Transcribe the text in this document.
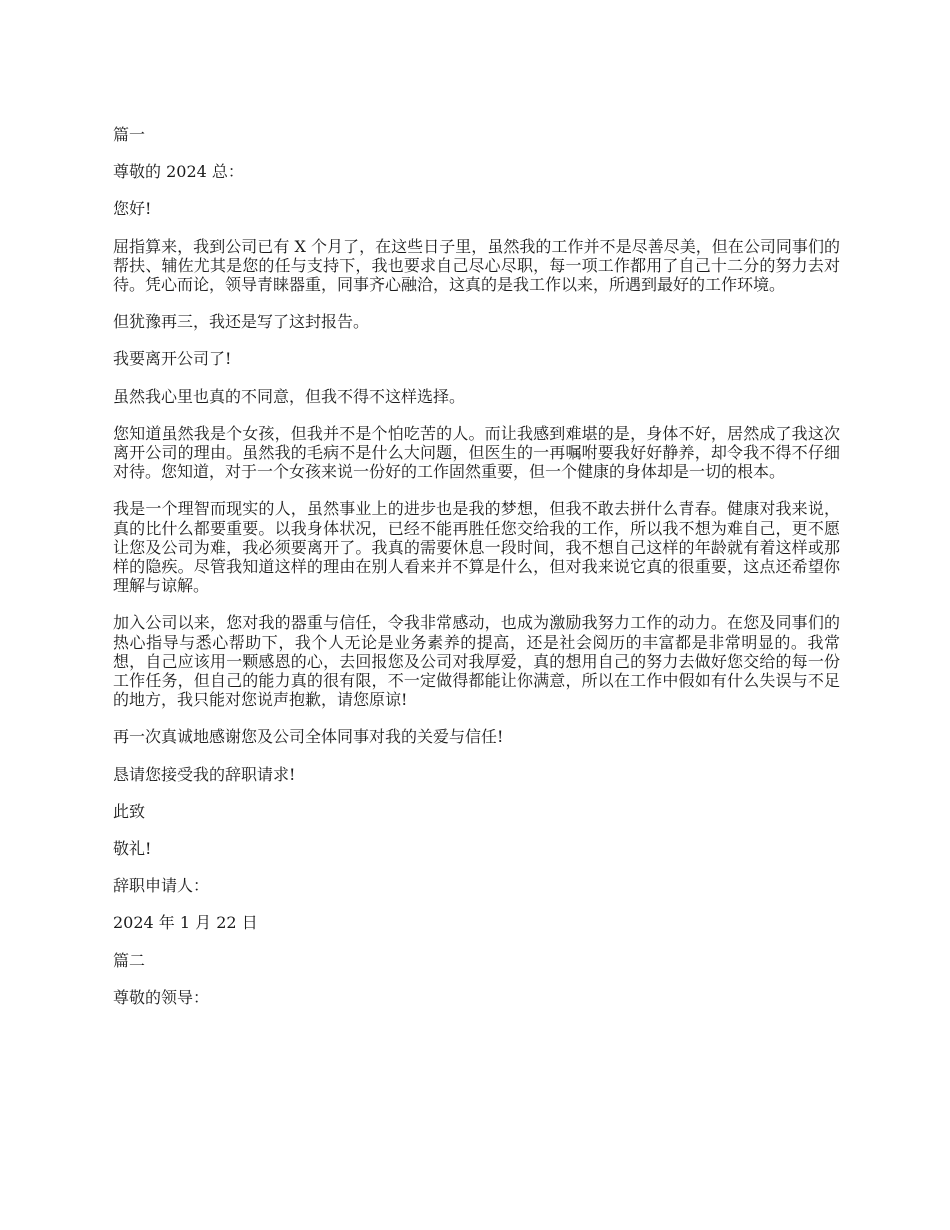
篇一

尊敬的 2024 总：

您好!

屈指算来，我到公司已有 X 个月了，在这些日子里，虽然我的工作并不是尽善尽美，但在公司同事们的帮扶、辅佐尤其是您的任与支持下，我也要求自己尽心尽职，每一项工作都用了自己十二分的努力去对待。凭心而论，领导青睐器重，同事齐心融洽，这真的是我工作以来，所遇到最好的工作环境。

但犹豫再三，我还是写了这封报告。

我要离开公司了!

虽然我心里也真的不同意，但我不得不这样选择。

您知道虽然我是个女孩，但我并不是个怕吃苦的人。而让我感到难堪的是，身体不好，居然成了我这次离开公司的理由。虽然我的毛病不是什么大问题，但医生的一再嘱咐要我好好静养，却令我不得不仔细对待。您知道，对于一个女孩来说一份好的工作固然重要，但一个健康的身体却是一切的根本。

我是一个理智而现实的人，虽然事业上的进步也是我的梦想，但我不敢去拼什么青春。健康对我来说，真的比什么都要重要。以我身体状况，已经不能再胜任您交给我的工作，所以我不想为难自己，更不愿让您及公司为难，我必须要离开了。我真的需要休息一段时间，我不想自己这样的年龄就有着这样或那样的隐疾。尽管我知道这样的理由在别人看来并不算是什么，但对我来说它真的很重要，这点还希望你理解与谅解。

加入公司以来，您对我的器重与信任，令我非常感动，也成为激励我努力工作的动力。在您及同事们的热心指导与悉心帮助下，我个人无论是业务素养的提高，还是社会阅历的丰富都是非常明显的。我常想，自己应该用一颗感恩的心，去回报您及公司对我厚爱，真的想用自己的努力去做好您交给的每一份工作任务，但自己的能力真的很有限，不一定做得都能让你满意，所以在工作中假如有什么失误与不足的地方，我只能对您说声抱歉，请您原谅!

再一次真诚地感谢您及公司全体同事对我的关爱与信任!

恳请您接受我的辞职请求!

此致

敬礼!

辞职申请人：

2024 年 1 月 22 日

篇二

尊敬的领导：
